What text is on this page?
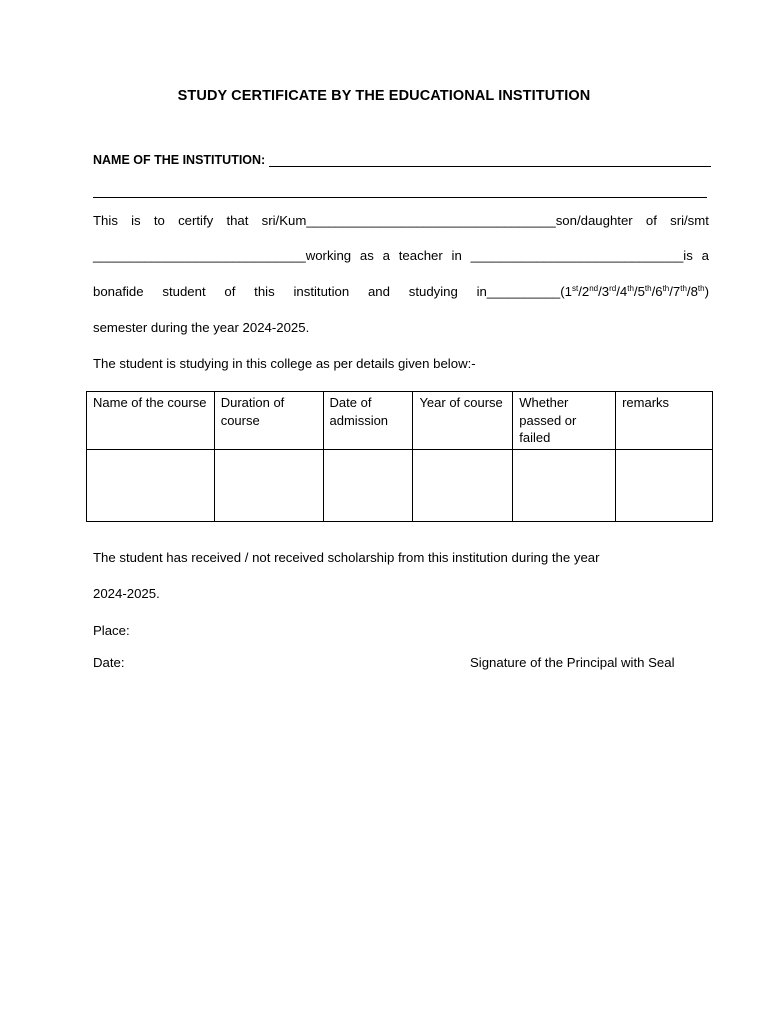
STUDY CERTIFICATE BY THE EDUCATIONAL INSTITUTION
NAME OF THE INSTITUTION:
This is to certify that sri/Kum__________________________________son/daughter of sri/smt
_____________________________working as a teacher in _____________________________is a
bonafide student of this institution and studying in__________(1st/2nd/3rd/4th/5th/6th/7th/8th)
semester during the year 2024-2025.
The student is studying in this college as per details given below:-
Name of the course	Duration of course	Date of admission	Year of course	Whether passed or failed	remarks

The student has received / not received scholarship from this institution during the year
2024-2025.
Place:
Date:	Signature of the Principal with Seal
